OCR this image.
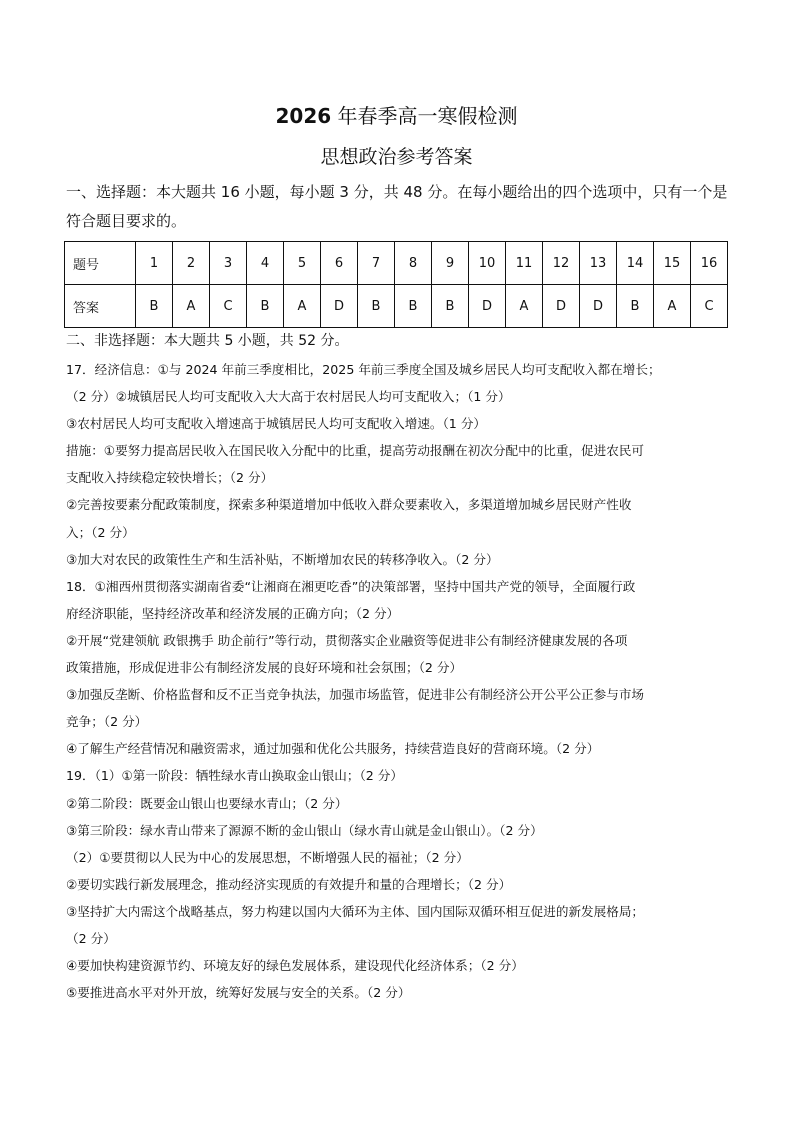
2026 年春季高一寒假检测
思想政治参考答案
一、选择题：本大题共 16 小题，每小题 3 分，共 48 分。在每小题给出的四个选项中，只有一个是符合题目要求的。
题号	1	2	3	4	5	6	7	8	9	10	11	12	13	14	15	16
答案	B	A	C	B	A	D	B	B	B	D	A	D	D	B	A	C
二、非选择题：本大题共 5 小题，共 52 分。
17．经济信息：①与 2024 年前三季度相比，2025 年前三季度全国及城乡居民人均可支配收入都在增长；
（2 分）②城镇居民人均可支配收入大大高于农村居民人均可支配收入；（1 分）
③农村居民人均可支配收入增速高于城镇居民人均可支配收入增速。（1 分）
措施：①要努力提高居民收入在国民收入分配中的比重，提高劳动报酬在初次分配中的比重，促进农民可
支配收入持续稳定较快增长；（2 分）
②完善按要素分配政策制度，探索多种渠道增加中低收入群众要素收入，多渠道增加城乡居民财产性收
入；（2 分）
③加大对农民的政策性生产和生活补贴，不断增加农民的转移净收入。（2 分）
18．①湘西州贯彻落实湖南省委“让湘商在湘更吃香”的决策部署，坚持中国共产党的领导，全面履行政
府经济职能，坚持经济改革和经济发展的正确方向；（2 分）
②开展“党建领航 政银携手 助企前行”等行动，贯彻落实企业融资等促进非公有制经济健康发展的各项
政策措施，形成促进非公有制经济发展的良好环境和社会氛围；（2 分）
③加强反垄断、价格监督和反不正当竞争执法，加强市场监管，促进非公有制经济公开公平公正参与市场
竞争；（2 分）
④了解生产经营情况和融资需求，通过加强和优化公共服务，持续营造良好的营商环境。（2 分）
19．（1）①第一阶段：牺牲绿水青山换取金山银山；（2 分）
②第二阶段：既要金山银山也要绿水青山；（2 分）
③第三阶段：绿水青山带来了源源不断的金山银山（绿水青山就是金山银山）。（2 分）
（2）①要贯彻以人民为中心的发展思想，不断增强人民的福祉；（2 分）
②要切实践行新发展理念，推动经济实现质的有效提升和量的合理增长；（2 分）
③坚持扩大内需这个战略基点，努力构建以国内大循环为主体、国内国际双循环相互促进的新发展格局；
（2 分）
④要加快构建资源节约、环境友好的绿色发展体系，建设现代化经济体系；（2 分）
⑤要推进高水平对外开放，统筹好发展与安全的关系。（2 分）
